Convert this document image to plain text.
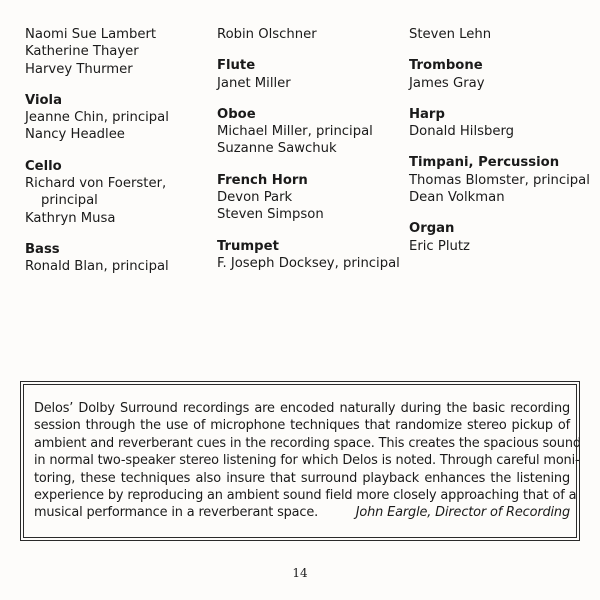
Naomi Sue Lambert
Katherine Thayer
Harvey Thurmer
Viola
Jeanne Chin, principal
Nancy Headlee
Cello
Richard von Foerster,
principal
Kathryn Musa
Bass
Ronald Blan, principal
Robin Olschner
Flute
Janet Miller
Oboe
Michael Miller, principal
Suzanne Sawchuk
French Horn
Devon Park
Steven Simpson
Trumpet
F. Joseph Docksey, principal
Steven Lehn
Trombone
James Gray
Harp
Donald Hilsberg
Timpani, Percussion
Thomas Blomster, principal
Dean Volkman
Organ
Eric Plutz
Delos’ Dolby Surround recordings are encoded naturally during the basic recording
session through the use of microphone techniques that randomize stereo pickup of
ambient and reverberant cues in the recording space. This creates the spacious sound
in normal two-speaker stereo listening for which Delos is noted. Through careful moni-
toring, these techniques also insure that surround playback enhances the listening
experience by reproducing an ambient sound field more closely approaching that of a
musical performance in a reverberant space.	John Eargle, Director of Recording
14
